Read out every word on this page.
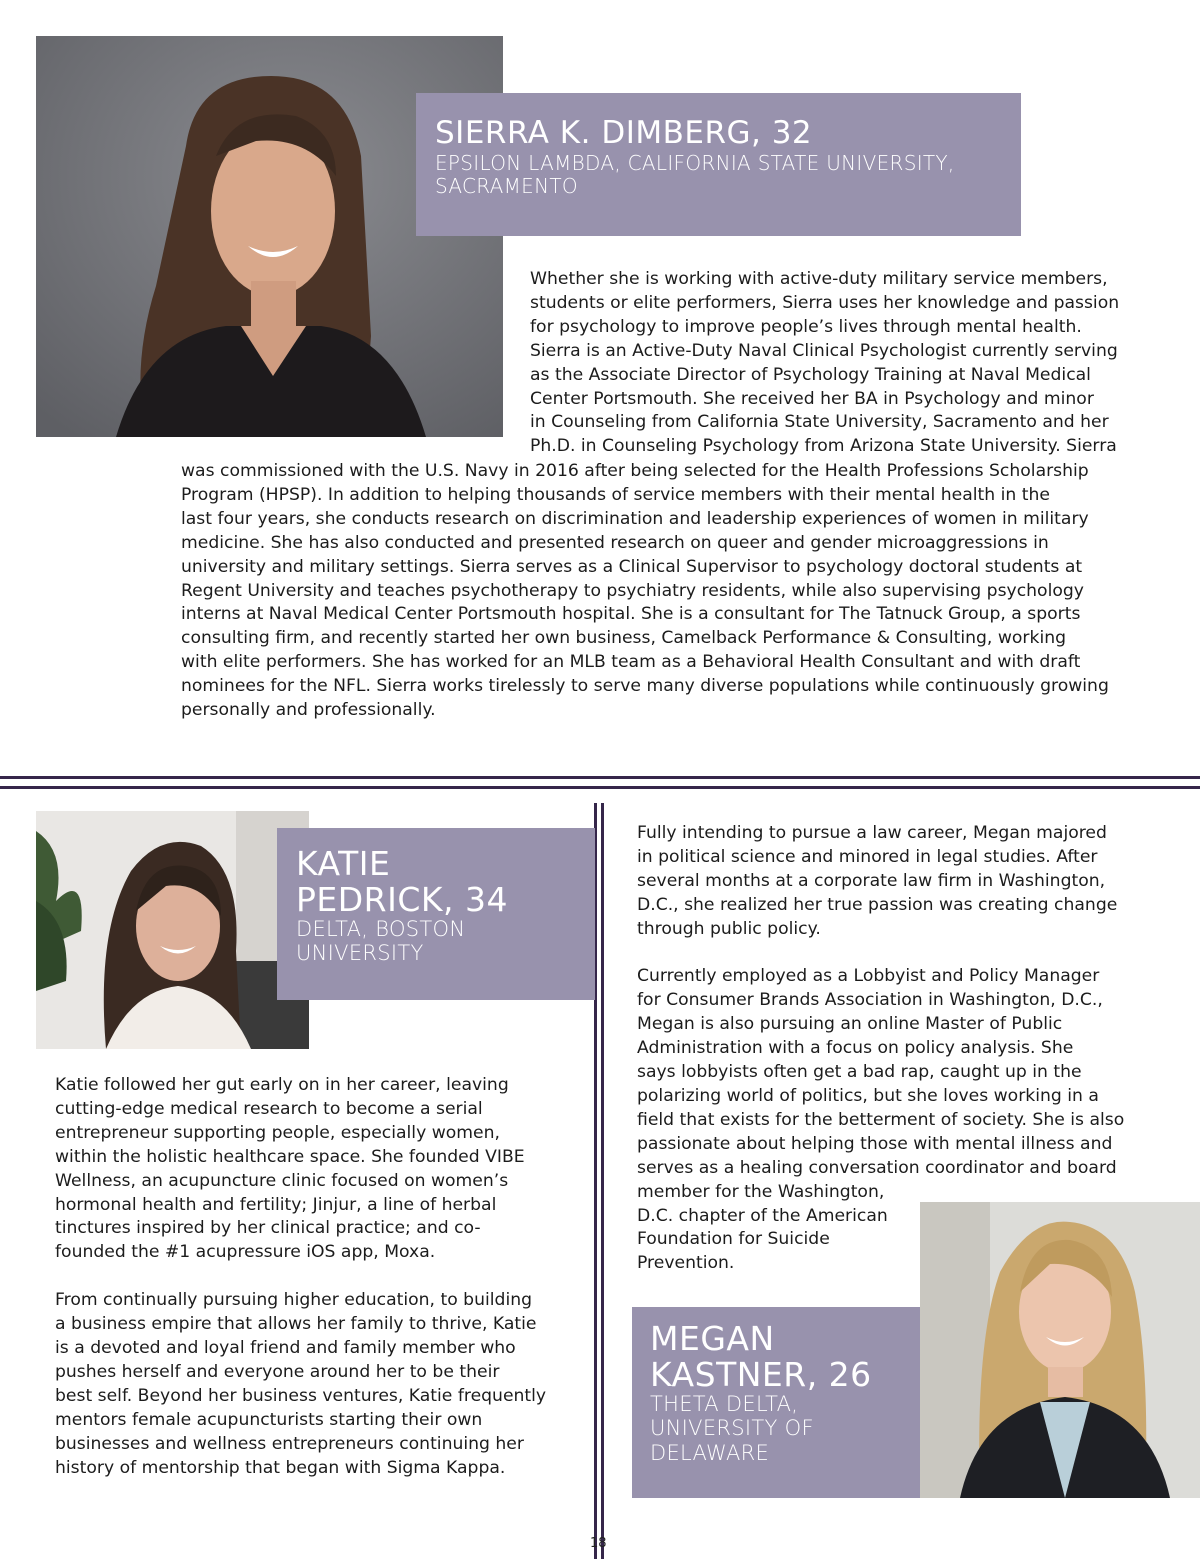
SIERRA K. DIMBERG, 32
EPSILON LAMBDA, CALIFORNIA STATE UNIVERSITY,
SACRAMENTO
Whether she is working with active-duty military service members,
students or elite performers, Sierra uses her knowledge and passion
for psychology to improve people’s lives through mental health.
Sierra is an Active-Duty Naval Clinical Psychologist currently serving
as the Associate Director of Psychology Training at Naval Medical
Center Portsmouth. She received her BA in Psychology and minor
in Counseling from California State University, Sacramento and her
Ph.D. in Counseling Psychology from Arizona State University. Sierra
was commissioned with the U.S. Navy in 2016 after being selected for the Health Professions Scholarship
Program (HPSP). In addition to helping thousands of service members with their mental health in the
last four years, she conducts research on discrimination and leadership experiences of women in military
medicine. She has also conducted and presented research on queer and gender microaggressions in
university and military settings. Sierra serves as a Clinical Supervisor to psychology doctoral students at
Regent University and teaches psychotherapy to psychiatry residents, while also supervising psychology
interns at Naval Medical Center Portsmouth hospital. She is a consultant for The Tatnuck Group, a sports
consulting firm, and recently started her own business, Camelback Performance & Consulting, working
with elite performers. She has worked for an MLB team as a Behavioral Health Consultant and with draft
nominees for the NFL. Sierra works tirelessly to serve many diverse populations while continuously growing
personally and professionally.
KATIE
PEDRICK, 34
DELTA, BOSTON
UNIVERSITY
Katie followed her gut early on in her career, leaving
cutting-edge medical research to become a serial
entrepreneur supporting people, especially women,
within the holistic healthcare space. She founded VIBE
Wellness, an acupuncture clinic focused on women’s
hormonal health and fertility; Jinjur, a line of herbal
tinctures inspired by her clinical practice; and co-
founded the #1 acupressure iOS app, Moxa.

From continually pursuing higher education, to building
a business empire that allows her family to thrive, Katie
is a devoted and loyal friend and family member who
pushes herself and everyone around her to be their
best self. Beyond her business ventures, Katie frequently
mentors female acupuncturists starting their own
businesses and wellness entrepreneurs continuing her
history of mentorship that began with Sigma Kappa.
Fully intending to pursue a law career, Megan majored
in political science and minored in legal studies. After
several months at a corporate law firm in Washington,
D.C., she realized her true passion was creating change
through public policy.

Currently employed as a Lobbyist and Policy Manager
for Consumer Brands Association in Washington, D.C.,
Megan is also pursuing an online Master of Public
Administration with a focus on policy analysis. She
says lobbyists often get a bad rap, caught up in the
polarizing world of politics, but she loves working in a
field that exists for the betterment of society. She is also
passionate about helping those with mental illness and
serves as a healing conversation coordinator and board
member for the Washington,
D.C. chapter of the American
Foundation for Suicide
Prevention.
MEGAN
KASTNER, 26
THETA DELTA,
UNIVERSITY OF
DELAWARE
18
